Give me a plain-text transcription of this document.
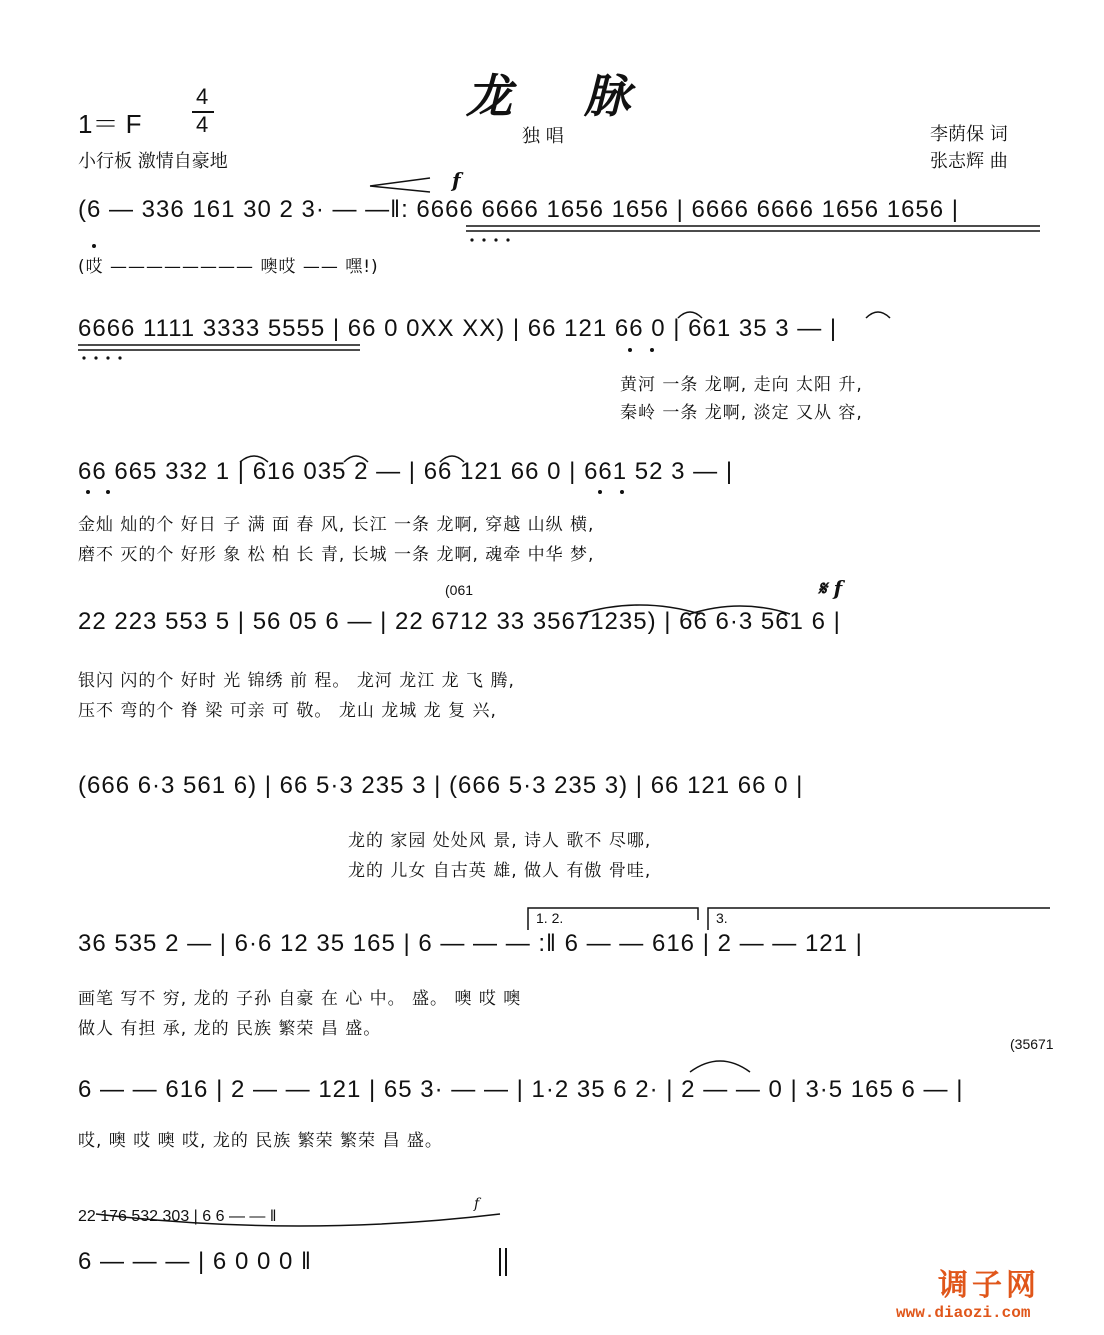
龙 脉
独 唱
1＝ F
4
4
小行板 激情自豪地
李荫保 词
张志辉 曲
(6 — 336 161 30 2 3· — —‖: 6666 6666 1656 1656 | 6666 6666 1656 1656 |
(哎 ———————— 噢哎 —— 嘿!)
6666 1111 3333 5555 | 66 0 0XX XX) | 66 121 66 0 | 661 35 3 — |
黄河 一条 龙啊, 走向 太阳 升,
秦岭 一条 龙啊, 淡定 又从 容,
66 665 332 1 | 616 035 2 — | 66 121 66 0 | 661 52 3 — |
金灿 灿的个 好日 子 满 面 春 风, 长江 一条 龙啊, 穿越 山纵 横,
磨不 灭的个 好形 象 松 柏 长 青, 长城 一条 龙啊, 魂牵 中华 梦,
(061
22 223 553 5 | 56 05 6 — | 22 6712 33 35671235) | 66 6·3 561 6 |
银闪 闪的个 好时 光 锦绣 前 程。 龙河 龙江 龙 飞 腾,
压不 弯的个 脊 梁 可亲 可 敬。 龙山 龙城 龙 复 兴,
(666 6·3 561 6) | 66 5·3 235 3 | (666 5·3 235 3) | 66 121 66 0 |
龙的 家园 处处风 景, 诗人 歌不 尽哪,
龙的 儿女 自古英 雄, 做人 有傲 骨哇,
1. 2.	3.
36 535 2 — | 6·6 12 35 165 | 6 — — — :‖ 6 — — 616 | 2 — — 121 |
画笔 写不 穷, 龙的 子孙 自豪 在 心 中。 盛。 噢 哎 噢
做人 有担 承, 龙的 民族 繁荣 昌 盛。
(35671
6 — — 616 | 2 — — 121 | 65 3· — — | 1·2 35 6 2· | 2 — — 0 | 3·5 165 6 — |
哎, 噢 哎 噢 哎, 龙的 民族 繁荣 繁荣 昌 盛。
22 176 532 303 | 6 6 — — ‖
6 — — — | 6 0 0 0 ‖
f
𝄋 f
f
调子网
www.diaozi.com
